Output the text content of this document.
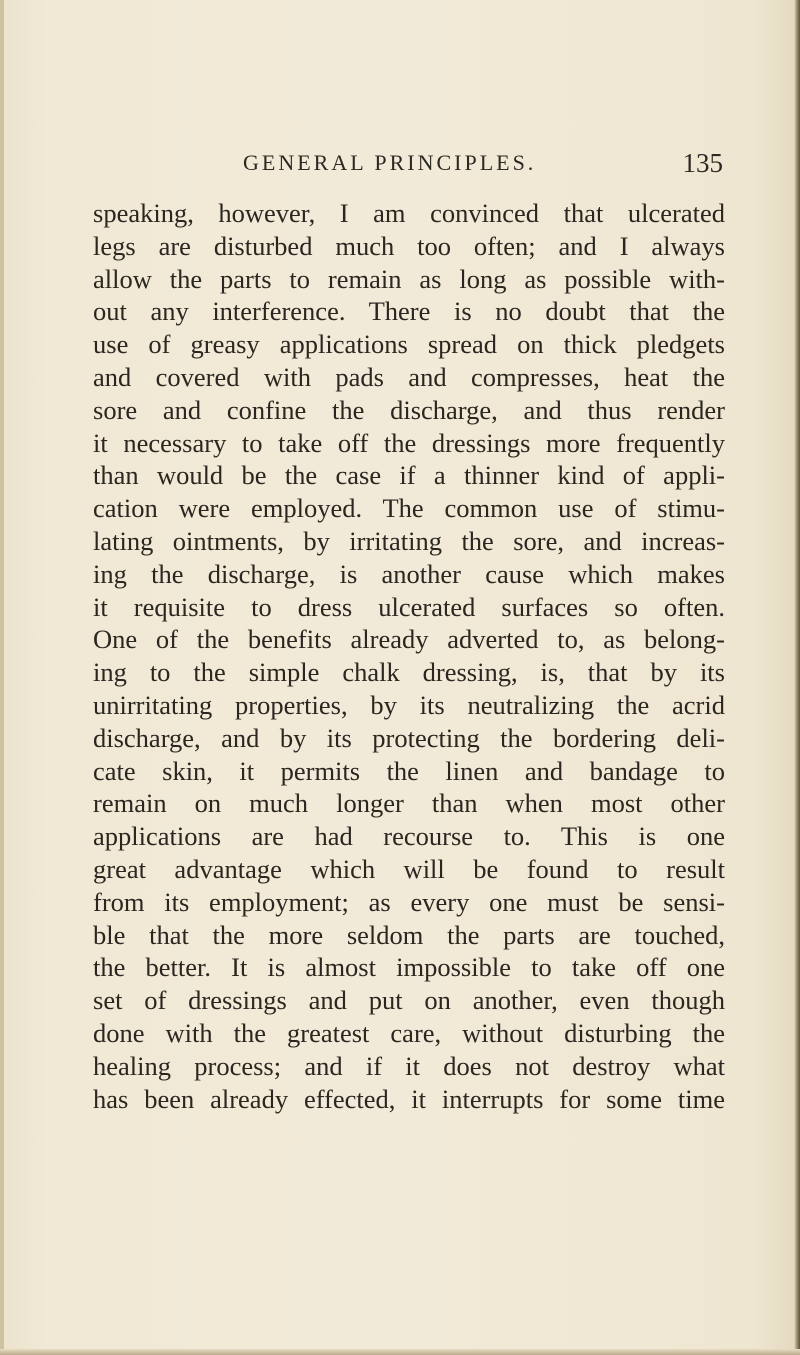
GENERAL PRINCIPLES.	135
speaking, however, I am convinced that ulcerated
legs are disturbed much too often; and I always
allow the parts to remain as long as possible with-
out any interference. There is no doubt that the
use of greasy applications spread on thick pledgets
and covered with pads and compresses, heat the
sore and confine the discharge, and thus render
it necessary to take off the dressings more frequently
than would be the case if a thinner kind of appli-
cation were employed. The common use of stimu-
lating ointments, by irritating the sore, and increas-
ing the discharge, is another cause which makes
it requisite to dress ulcerated surfaces so often.
One of the benefits already adverted to, as belong-
ing to the simple chalk dressing, is, that by its
unirritating properties, by its neutralizing the acrid
discharge, and by its protecting the bordering deli-
cate skin, it permits the linen and bandage to
remain on much longer than when most other
applications are had recourse to. This is one
great advantage which will be found to result
from its employment; as every one must be sensi-
ble that the more seldom the parts are touched,
the better. It is almost impossible to take off one
set of dressings and put on another, even though
done with the greatest care, without disturbing the
healing process; and if it does not destroy what
has been already effected, it interrupts for some time
